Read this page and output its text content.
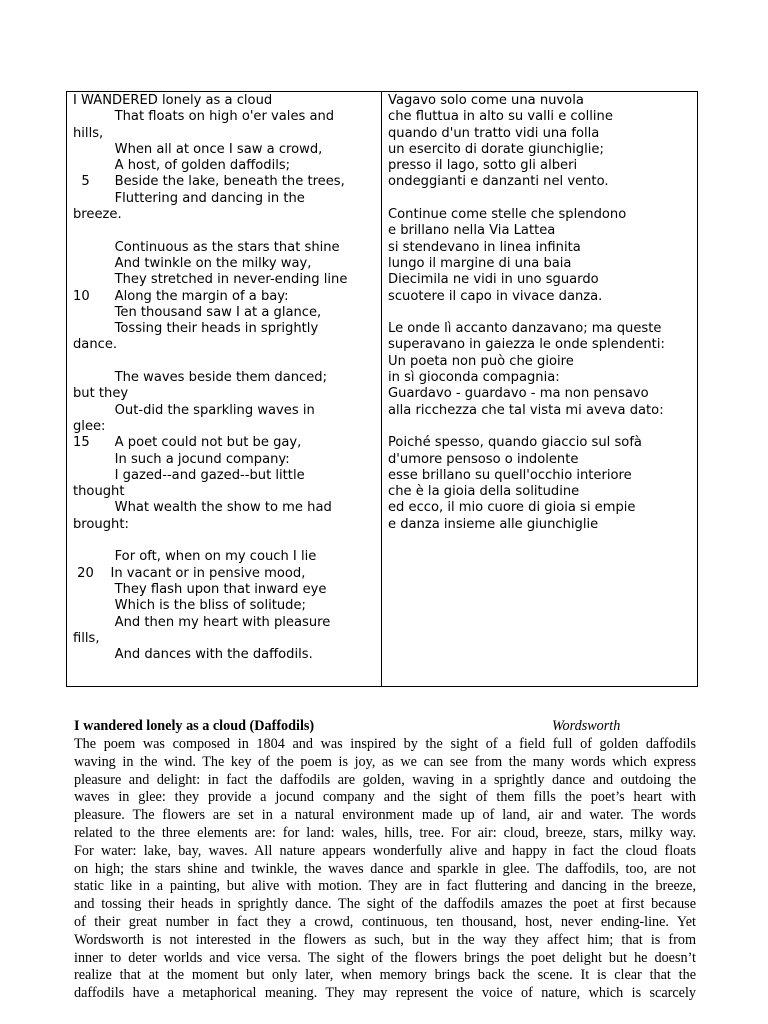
I WANDERED lonely as a cloud
That floats on high o'er vales and
hills,
When all at once I saw a crowd,
A host, of golden daffodils;
5      Beside the lake, beneath the trees,
Fluttering and dancing in the
breeze.
Continuous as the stars that shine
And twinkle on the milky way,
They stretched in never-ending line
10      Along the margin of a bay:
Ten thousand saw I at a glance,
Tossing their heads in sprightly
dance.
The waves beside them danced;
but they
Out-did the sparkling waves in
glee:
15      A poet could not but be gay,
In such a jocund company:
I gazed--and gazed--but little
thought
What wealth the show to me had
brought:
For oft, when on my couch I lie
20    In vacant or in pensive mood,
They flash upon that inward eye
Which is the bliss of solitude;
And then my heart with pleasure
fills,
And dances with the daffodils.
Vagavo solo come una nuvola
che fluttua in alto su valli e colline
quando d'un tratto vidi una folla
un esercito di dorate giunchiglie;
presso il lago, sotto gli alberi
ondeggianti e danzanti nel vento.
Continue come stelle che splendono
e brillano nella Via Lattea
si stendevano in linea infinita
lungo il margine di una baia
Diecimila ne vidi in uno sguardo
scuotere il capo in vivace danza.
Le onde lì accanto danzavano; ma queste
superavano in gaiezza le onde splendenti:
Un poeta non può che gioire
in sì gioconda compagnia:
Guardavo - guardavo - ma non pensavo
alla ricchezza che tal vista mi aveva dato:
Poiché spesso, quando giaccio sul sofà
d'umore pensoso o indolente
esse brillano su quell'occhio interiore
che è la gioia della solitudine
ed ecco, il mio cuore di gioia si empie
e danza insieme alle giunchiglie
I wandered lonely as a cloud (Daffodils)	Wordsworth
The poem was composed in 1804 and was inspired by the sight of a field full of golden daffodils
waving in the wind. The key of the poem is joy, as we can see from the many words which express
pleasure and delight: in fact the daffodils are golden, waving in a sprightly dance and outdoing the
waves in glee: they provide a jocund company and the sight of them fills the poet’s heart with
pleasure. The flowers are set in a natural environment made up of land, air and water. The words
related to the three elements are: for land: wales, hills, tree. For air: cloud, breeze, stars, milky way.
For water: lake, bay, waves. All nature appears wonderfully alive and happy in fact the cloud floats
on high; the stars shine and twinkle, the waves dance and sparkle in glee. The daffodils, too, are not
static like in a painting, but alive with motion. They are in fact fluttering and dancing in the breeze,
and tossing their heads in sprightly dance. The sight of the daffodils amazes the poet at first because
of their great number in fact they a crowd, continuous, ten thousand, host, never ending-line. Yet
Wordsworth is not interested in the flowers as such, but in the way they affect him; that is from
inner to deter worlds and vice versa. The sight of the flowers brings the poet delight but he doesn’t
realize that at the moment but only later, when memory brings back the scene. It is clear that the
daffodils have a metaphorical meaning. They may represent the voice of nature, which is scarcely
